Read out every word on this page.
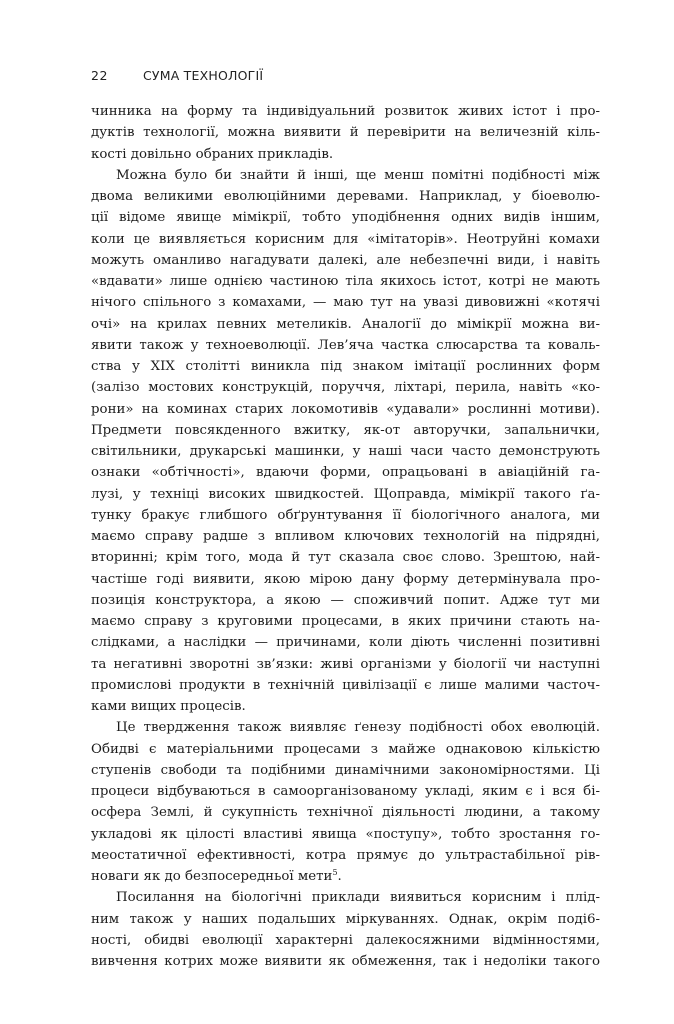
22	СУМА ТЕХНОЛОГІЇ
чинника на форму та індивідуальний розвиток живих істот і про-
дуктів технології, можна виявити й перевірити на величезній кіль-
кості довільно обраних прикладів.
Можна було би знайти й інші, ще менш помітні подібності між
двома великими еволюційними деревами. Наприклад, у біоеволю-
ції відоме явище мімікрії, тобто уподібнення одних видів іншим,
коли це виявляється корисним для «імітаторів». Неотруйні комахи
можуть оманливо нагадувати далекі, але небезпечні види, і навіть
«вдавати» лише однією частиною тіла якихось істот, котрі не мають
нічого спільного з комахами, — маю тут на увазі дивовижні «котячі
очі» на крилах певних метеликів. Аналогії до мімікрії можна ви-
явити також у техноеволюції. Лев’яча частка слюсарства та коваль-
ства у XIX столітті виникла під знаком імітації рослинних форм
(залізо мостових конструкцій, поруччя, ліхтарі, перила, навіть «ко-
рони» на коминах старих локомотивів «удавали» рослинні мотиви).
Предмети повсякденного вжитку, як-от авторучки, запальнички,
світильники, друкарські машинки, у наші часи часто демонструють
ознаки «обтічності», вдаючи форми, опрацьовані в авіаційній га-
лузі, у техніці високих швидкостей. Щоправда, мімікрії такого ґа-
тунку бракує глибшого обґрунтування її біологічного аналога, ми
маємо справу радше з впливом ключових технологій на підрядні,
вторинні; крім того, мода й тут сказала своє слово. Зрештою, най-
частіше годі виявити, якою мірою дану форму детермінувала про-
позиція конструктора, а якою — споживчий попит. Адже тут ми
маємо справу з круговими процесами, в яких причини стають на-
слідками, а наслідки — причинами, коли діють численні позитивні
та негативні зворотні зв’язки: живі організми у біології чи наступні
промислові продукти в технічній цивілізації є лише малими часточ-
ками вищих процесів.
Це твердження також виявляє ґенезу подібності обох еволюцій.
Обидві є матеріальними процесами з майже однаковою кількістю
ступенів свободи та подібними динамічними закономірностями. Ці
процеси відбуваються в самоорганізованому укладі, яким є і вся бі-
осфера Землі, й сукупність технічної діяльності людини, а такому
укладові як цілості властиві явища «поступу», тобто зростання го-
меостатичної ефективності, котра прямує до ультрастабільної рів-
новаги як до безпосередньої мети$^5$.
Посилання на біологічні приклади виявиться корисним і плід-
ним також у наших подальших міркуваннях. Однак, окрім поді6-
ності, обидві еволюції характерні далекосяжними відмінностями,
вивчення котрих може виявити як обмеження, так і недоліки такого
